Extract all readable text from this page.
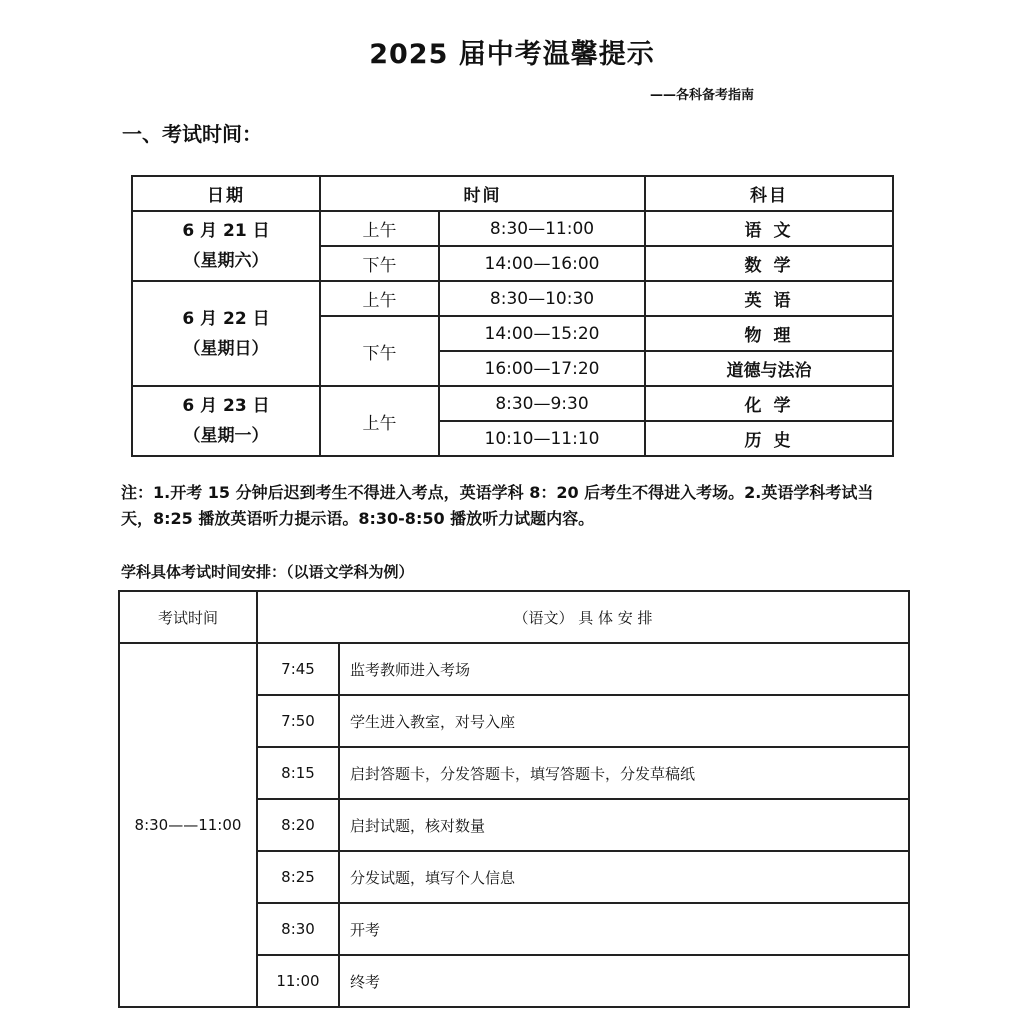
2025 届中考温馨提示
——各科备考指南
一、考试时间：
日期	时间		科目

6 月 21 日
（星期六）	上午	8:30—11:00	语 文
	下午	14:00—16:00	数 学

6 月 22 日
（星期日）	上午	8:30—10:30	英 语
	下午	14:00—15:20	物 理
		16:00—17:20	道德与法治

6 月 23 日
（星期一）	上午	8:30—9:30	化 学
		10:10—11:10	历 史
注：1.开考 15 分钟后迟到考生不得进入考点，英语学科 8：20 后考生不得进入考场。2.英语学科考试当天，8:25 播放英语听力提示语。8:30-8:50 播放听力试题内容。
学科具体考试时间安排：（以语文学科为例）
考试时间	（语文） 具 体 安 排	
8:30——11:00	7:45	监考教师进入考场
	7:50	学生进入教室，对号入座
	8:15	启封答题卡，分发答题卡，填写答题卡，分发草稿纸
	8:20	启封试题，核对数量
	8:25	分发试题，填写个人信息
	8:30	开考
	11:00	终考
